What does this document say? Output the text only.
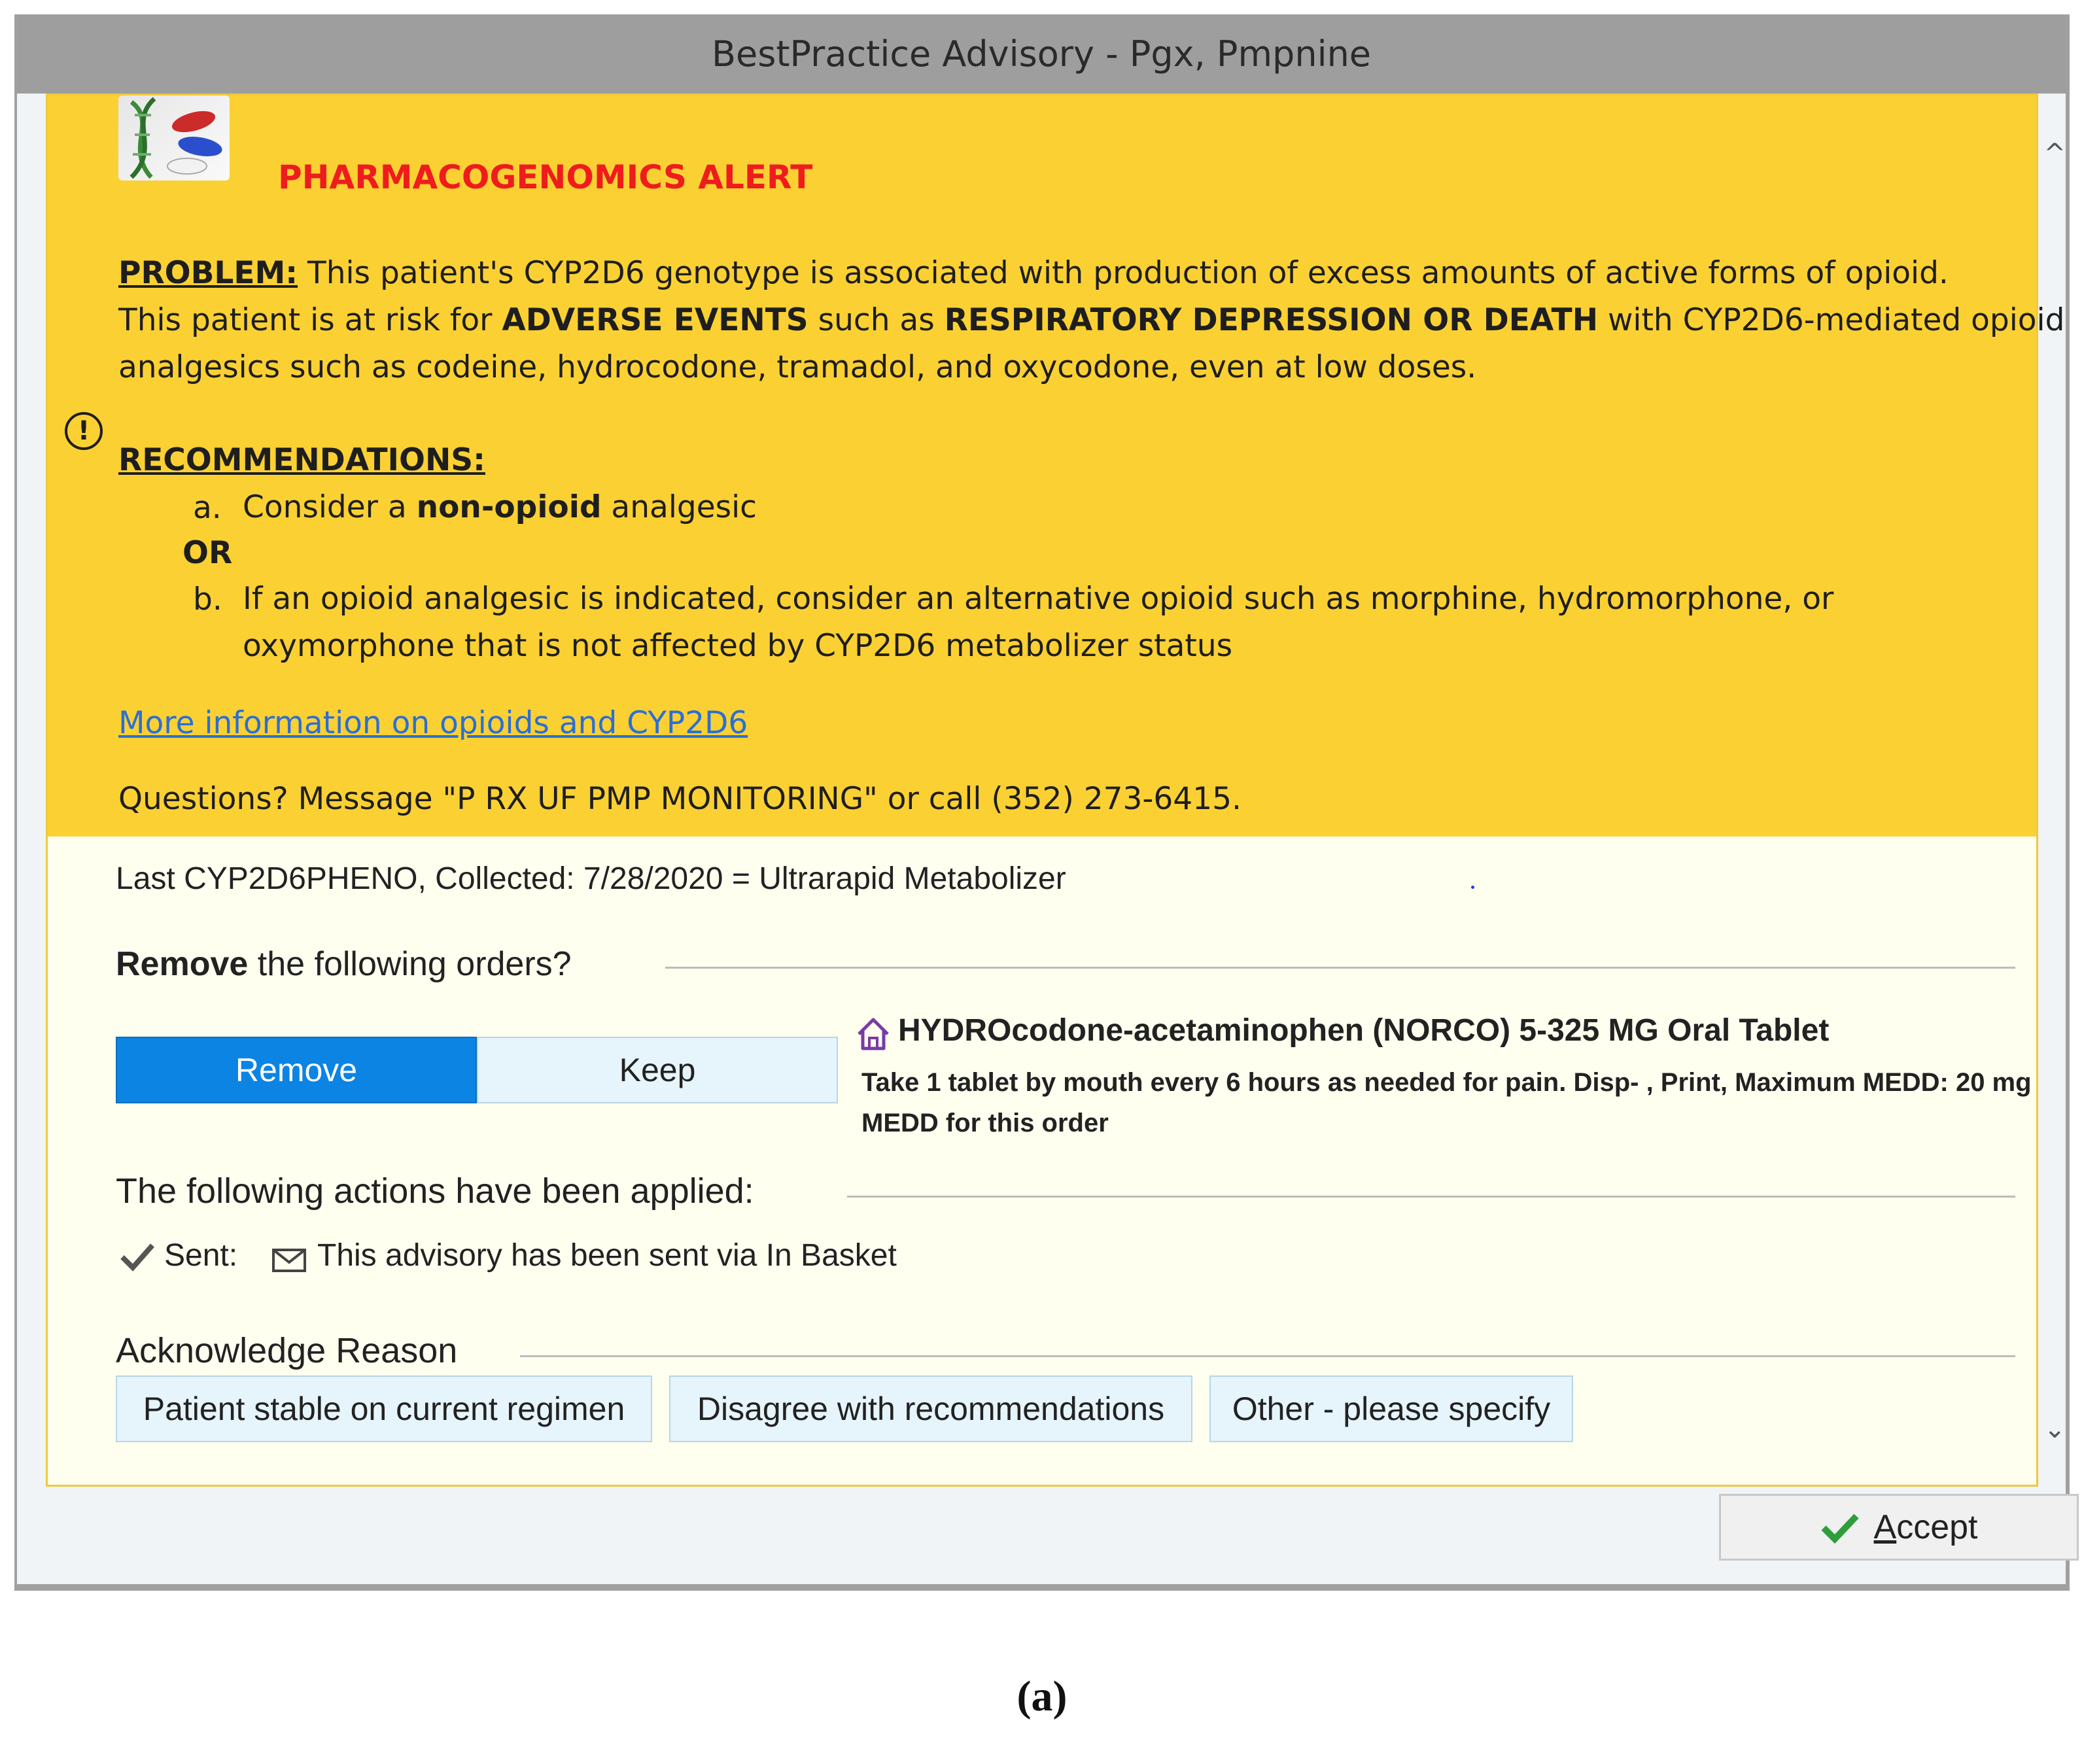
BestPractice Advisory - Pgx, Pmpnine
^
⌄
PHARMACOGENOMICS ALERT
PROBLEM: This patient's CYP2D6 genotype is associated with production of excess amounts of active forms of opioid.
This patient is at risk for ADVERSE EVENTS such as RESPIRATORY DEPRESSION OR DEATH with CYP2D6-mediated opioid
analgesics such as codeine, hydrocodone, tramadol, and oxycodone, even at low doses.
!
RECOMMENDATIONS:
a. Consider a non-opioid analgesic
OR
b. If an opioid analgesic is indicated, consider an alternative opioid such as morphine, hydromorphone, or
oxymorphone that is not affected by CYP2D6 metabolizer status
More information on opioids and CYP2D6
Questions? Message "P RX UF PMP MONITORING" or call (352) 273-6415.
Last CYP2D6PHENO, Collected: 7/28/2020 = Ultrarapid Metabolizer
Remove the following orders?
Remove	Keep
HYDROcodone-acetaminophen (NORCO) 5-325 MG Oral Tablet
Take 1 tablet by mouth every 6 hours as needed for pain. Disp- , Print, Maximum MEDD: 20 mg MEDD for this order
The following actions have been applied:
Sent:	This advisory has been sent via In Basket
Acknowledge Reason
Patient stable on current regimen	Disagree with recommendations	Other - please specify
Accept
(a)
